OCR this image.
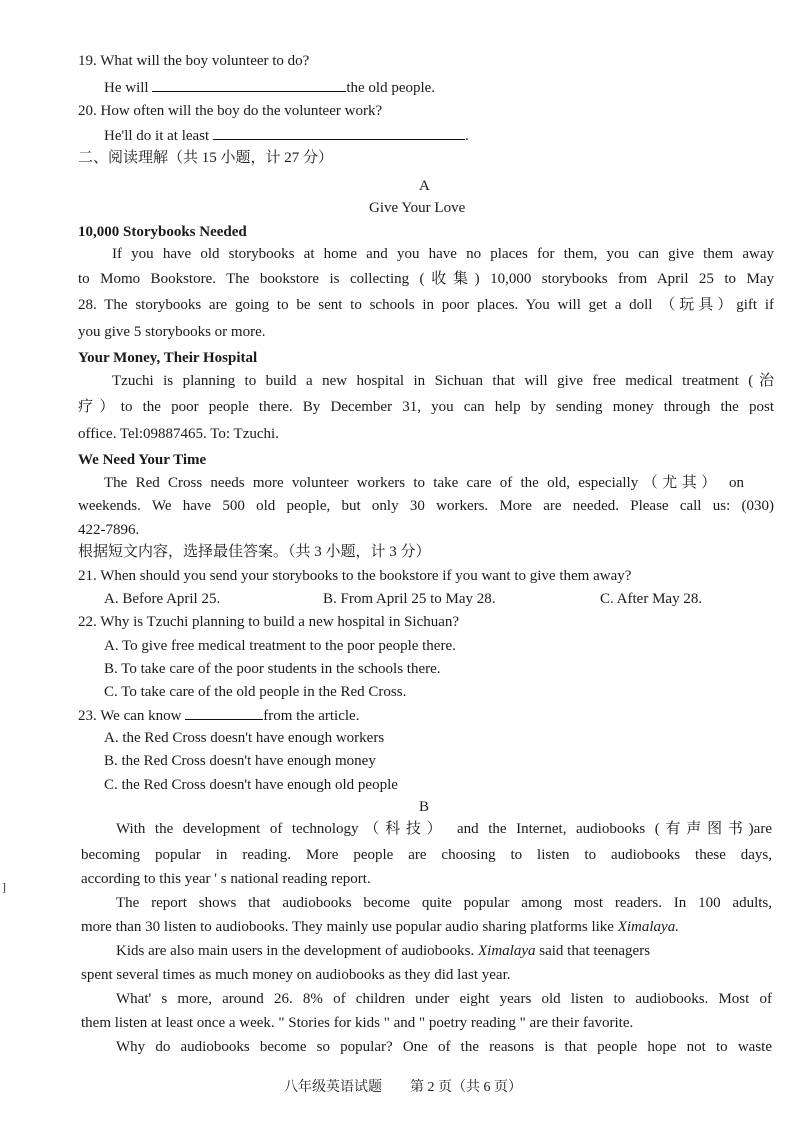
19. What will the boy volunteer to do?
He will	the old people.
20. How often will the boy do the volunteer work?
He'll do it at least	.
二、阅读理解（共 15 小题，计 27 分）
A
Give Your Love
10,000 Storybooks Needed
If you have old storybooks at home and you have no places for them, you can give them away
to Momo Bookstore. The bookstore is collecting (收集) 10,000 storybooks from April 25 to May
28. The storybooks are going to be sent to schools in poor places. You will get a doll （玩具）gift if
you give 5 storybooks or more.
Your Money, Their Hospital
Tzuchi is planning to build a new hospital in Sichuan that will give free medical treatment (治
疗）to the poor people there. By December 31, you can help by sending money through the post
office. Tel:09887465. To: Tzuchi.
We Need Your Time
The Red Cross needs more volunteer workers to take care of the old, especially（尤其） on
weekends. We have 500 old people, but only 30 workers. More are needed. Please call us: (030)
422-7896.
根据短文内容，选择最佳答案。（共 3 小题，计 3 分）
21. When should you send your storybooks to the bookstore if you want to give them away?
A. Before April 25.	B. From April 25 to May 28.	C. After May 28.
22. Why is Tzuchi planning to build a new hospital in Sichuan?
A. To give free medical treatment to the poor people there.
B. To take care of the poor students in the schools there.
C. To take care of the old people in the Red Cross.
23. We can know	from the article.
A. the Red Cross doesn't have enough workers
B. the Red Cross doesn't have enough money
C. the Red Cross doesn't have enough old people
B
With the development of technology（科技） and the Internet, audiobooks (有声图书)are
becoming popular in reading. More people are choosing to listen to audiobooks these days,
according to this year ' s national reading report.
The report shows that audiobooks become quite popular among most readers. In 100 adults,
more than 30 listen to audiobooks. They mainly use popular audio sharing platforms like Ximalaya.
Kids are also main users in the development of audiobooks. Ximalaya said that teenagers
spent several times as much money on audiobooks as they did last year.
What' s more, around 26. 8% of children under eight years old listen to audiobooks. Most of
them listen at least once a week. " Stories for kids " and " poetry reading " are their favorite.
Why do audiobooks become so popular? One of the reasons is that people hope not to waste
八年级英语试题　　第 2 页（共 6 页）
]
